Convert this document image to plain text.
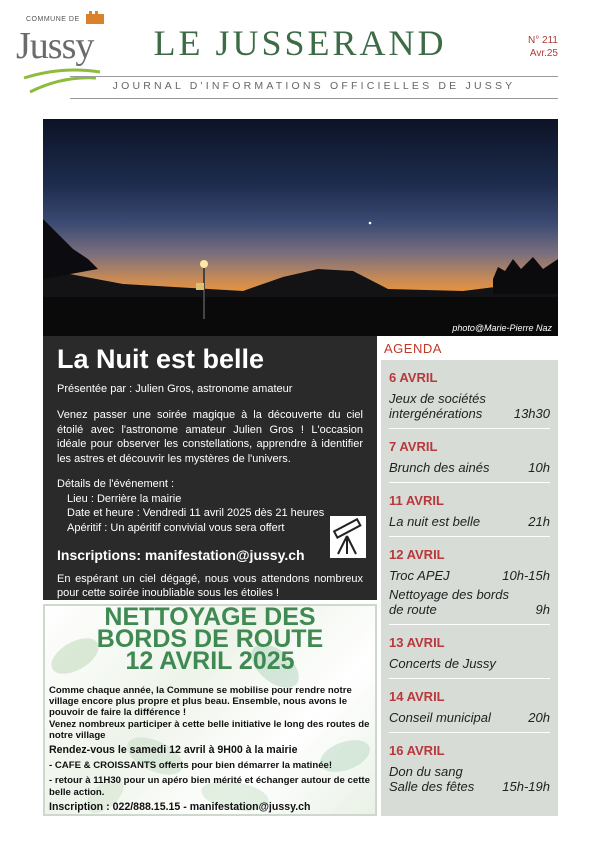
COMMUNE DE
Jussy	LE JUSSERAND	N° 211
Avr.25
JOURNAL D'INFORMATIONS OFFICIELLES DE JUSSY
photo@Marie-Pierre Naz
La Nuit est belle
Présentée par : Julien Gros, astronome amateur
Venez passer une soirée magique à la découverte du ciel étoilé avec l'astronome amateur Julien Gros ! L'occasion idéale pour observer les constellations, apprendre à identifier les astres et découvrir les mystères de l'univers.
Détails de l'événement :
Lieu : Derrière la mairie
Date et heure : Vendredi 11 avril 2025 dès 21 heures
Apéritif : Un apéritif convivial vous sera offert
Inscriptions: manifestation@jussy.ch
En espérant un ciel dégagé, nous vous attendons nombreux pour cette soirée inoubliable sous les étoiles !
NETTOYAGE DES
BORDS DE ROUTE
12 AVRIL 2025

Comme chaque année, la Commune se mobilise pour rendre notre village encore plus propre et plus beau. Ensemble, nous avons le pouvoir de faire la différence !

Venez nombreux participer à cette belle initiative le long des routes de notre village

Rendez-vous le samedi 12 avril à 9H00 à la mairie

- CAFE & CROISSANTS offerts pour bien démarrer la matinée!

- retour à 11H30 pour un apéro bien mérité et échanger autour de cette belle action.

Inscription : 022/888.15.15 - manifestation@jussy.ch

AGENDA
6 AVRIL
Jeux de sociétés
intergénérations 13h30
7 AVRIL
Brunch des ainés	10h
11 AVRIL
La nuit est belle	21h
12 AVRIL
Troc APEJ	10h-15h
Nettoyage des bords
de route	9h
13 AVRIL
Concerts de Jussy
14 AVRIL
Conseil municipal	20h
16 AVRIL
Don du sang
Salle des fêtes 15h-19h
